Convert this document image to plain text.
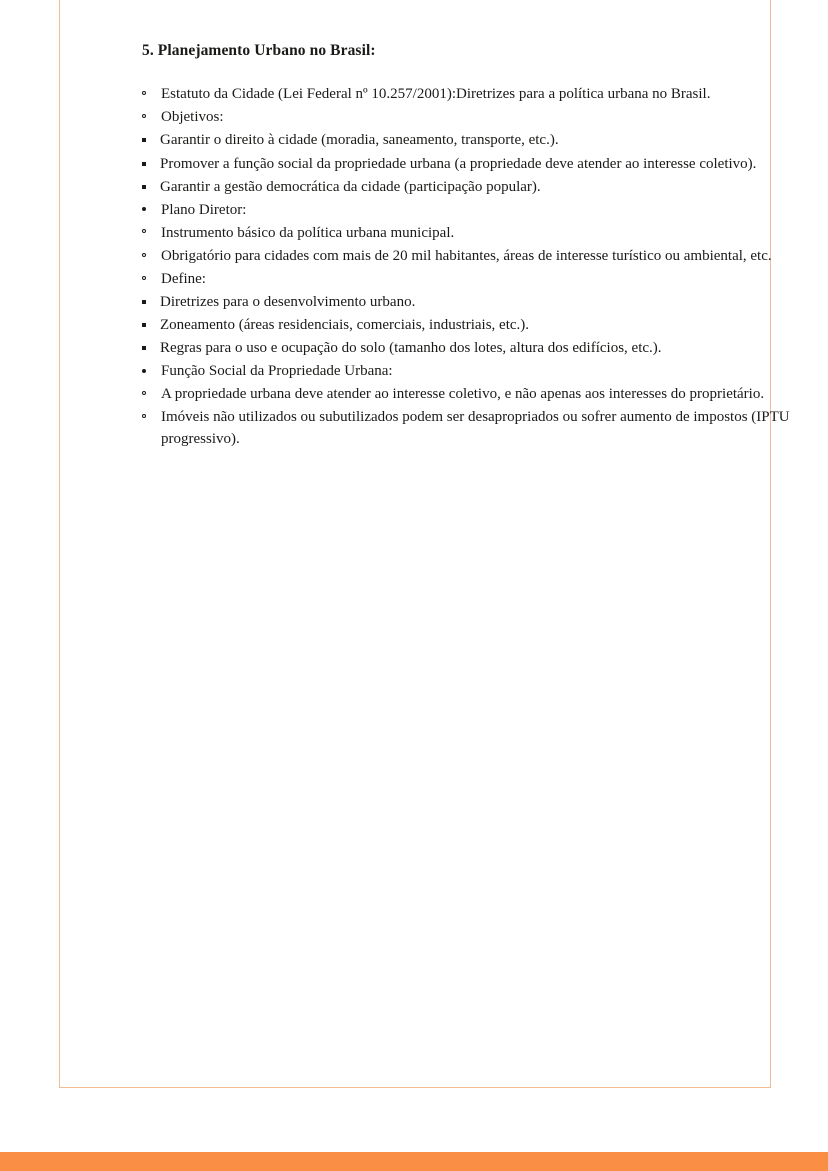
5. Planejamento Urbano no Brasil:
Estatuto da Cidade (Lei Federal nº 10.257/2001):Diretrizes para a política urbana no Brasil.
Objetivos:
Garantir o direito à cidade (moradia, saneamento, transporte, etc.).
Promover a função social da propriedade urbana (a propriedade deve atender ao interesse coletivo).
Garantir a gestão democrática da cidade (participação popular).
Plano Diretor:
Instrumento básico da política urbana municipal.
Obrigatório para cidades com mais de 20 mil habitantes, áreas de interesse turístico ou ambiental, etc.
Define:
Diretrizes para o desenvolvimento urbano.
Zoneamento (áreas residenciais, comerciais, industriais, etc.).
Regras para o uso e ocupação do solo (tamanho dos lotes, altura dos edifícios, etc.).
Função Social da Propriedade Urbana:
A propriedade urbana deve atender ao interesse coletivo, e não apenas aos interesses do proprietário.
Imóveis não utilizados ou subutilizados podem ser desapropriados ou sofrer aumento de impostos (IPTU progressivo).
